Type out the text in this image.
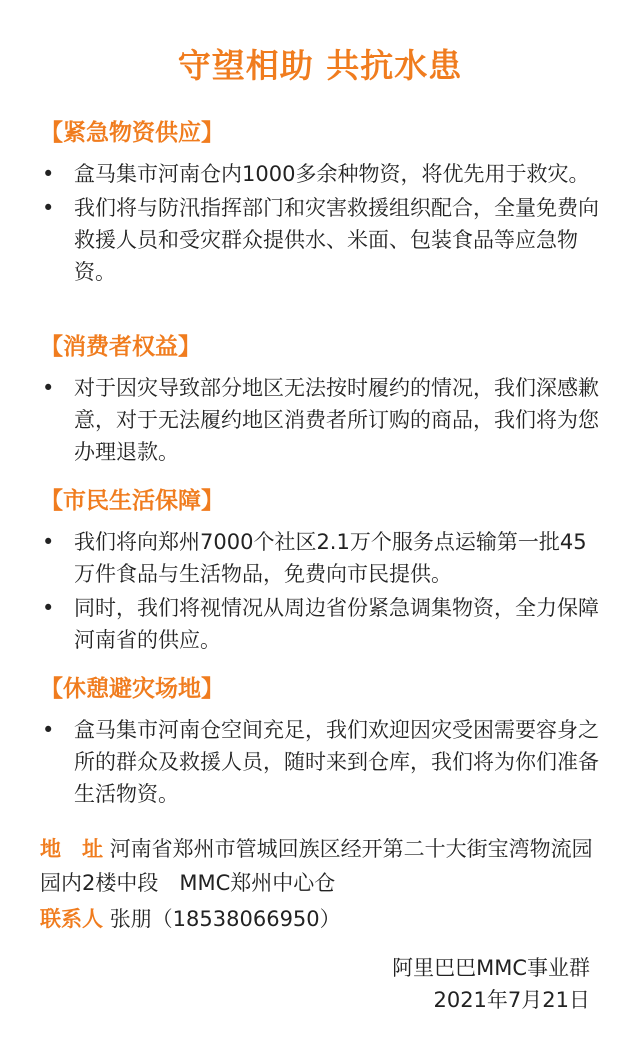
守望相助 共抗水患
【紧急物资供应】
• 盒马集市河南仓内1000多余种物资，将优先用于救灾。
• 我们将与防汛指挥部门和灾害救援组织配合，全量免费向救援人员和受灾群众提供水、米面、包装食品等应急物资。
【消费者权益】
• 对于因灾导致部分地区无法按时履约的情况，我们深感歉意，对于无法履约地区消费者所订购的商品，我们将为您办理退款。
【市民生活保障】
• 我们将向郑州7000个社区2.1万个服务点运输第一批45万件食品与生活物品，免费向市民提供。
• 同时，我们将视情况从周边省份紧急调集物资，全力保障河南省的供应。
【休憩避灾场地】
• 盒马集市河南仓空间充足，我们欢迎因灾受困需要容身之所的群众及救援人员，随时来到仓库，我们将为你们准备生活物资。
地　址 河南省郑州市管城回族区经开第二十大街宝湾物流园园内2楼中段　MMC郑州中心仓
联系人 张朋（18538066950）
阿里巴巴MMC事业群
2021年7月21日
